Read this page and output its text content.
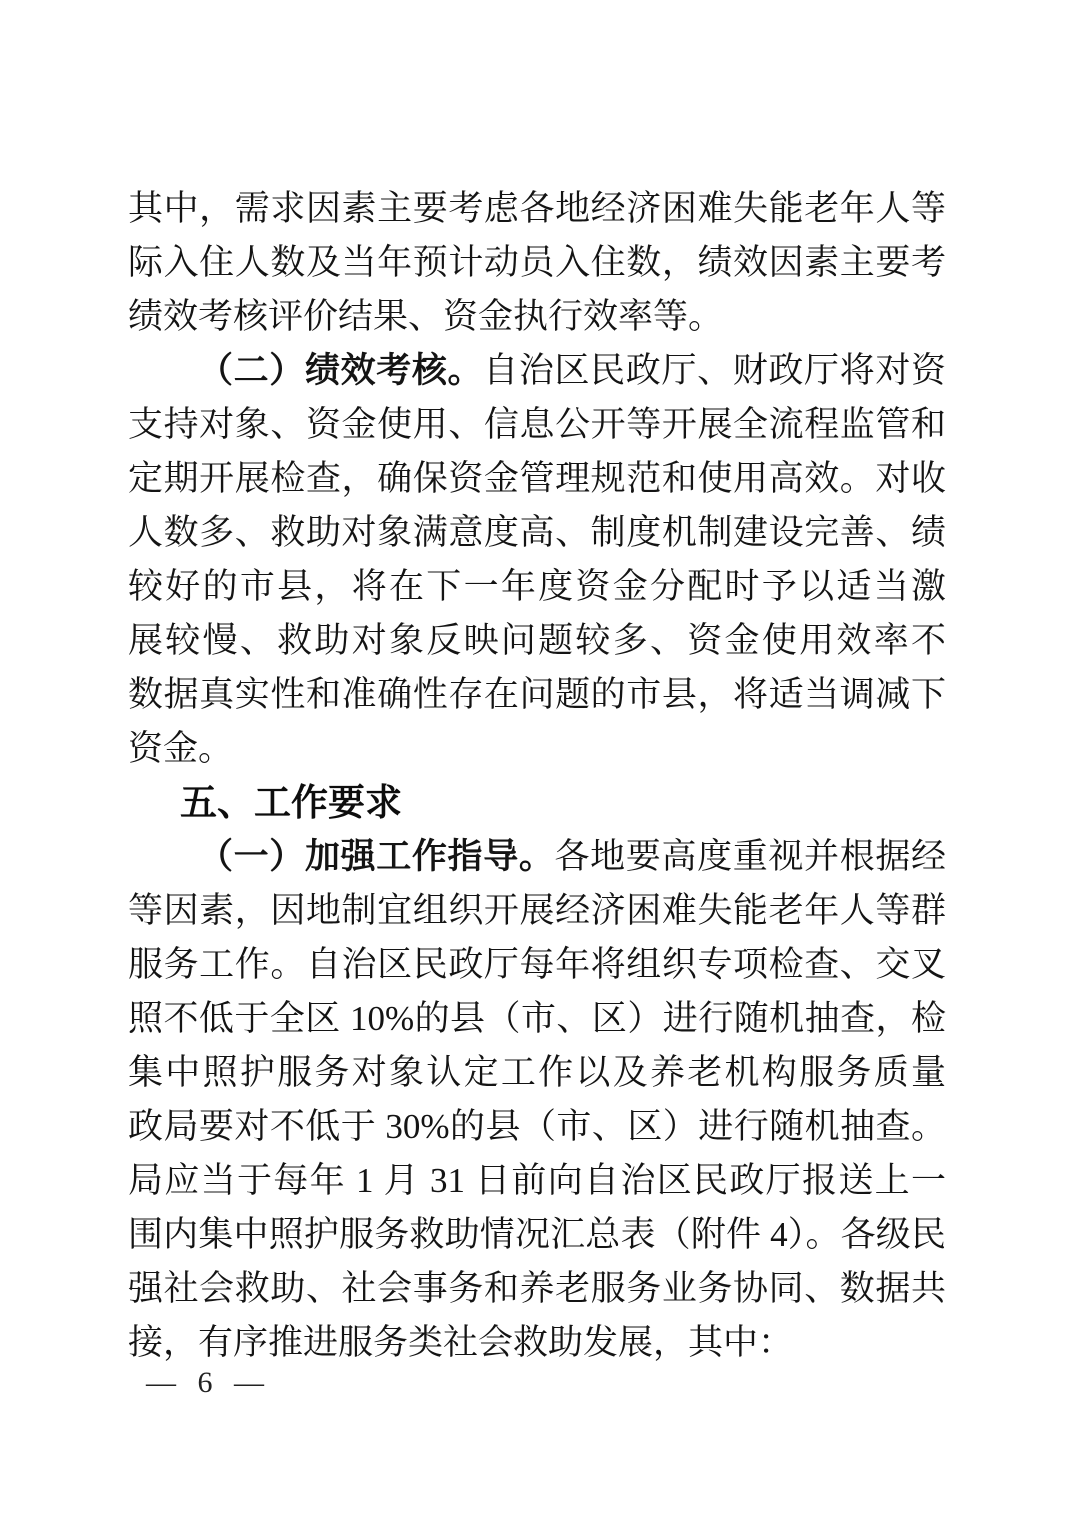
其中，需求因素主要考虑各地经济困难失能老年人等
际入住人数及当年预计动员入住数，绩效因素主要考
绩效考核评价结果、资金执行效率等。
（二）绩效考核。自治区民政厅、财政厅将对资
支持对象、资金使用、信息公开等开展全流程监管和
定期开展检查，确保资金管理规范和使用高效。对收
人数多、救助对象满意度高、制度机制建设完善、绩
较好的市县，将在下一年度资金分配时予以适当激
展较慢、救助对象反映问题较多、资金使用效率不
数据真实性和准确性存在问题的市县，将适当调减下
资金。
五、工作要求
（一）加强工作指导。各地要高度重视并根据经
等因素，因地制宜组织开展经济困难失能老年人等群
服务工作。自治区民政厅每年将组织专项检查、交叉
照不低于全区 10%的县（市、区）进行随机抽查，检
集中照护服务对象认定工作以及养老机构服务质量
政局要对不低于 30%的县（市、区）进行随机抽查。
局应当于每年 1 月 31 日前向自治区民政厅报送上一
围内集中照护服务救助情况汇总表（附件 4）。各级民
强社会救助、社会事务和养老服务业务协同、数据共
接，有序推进服务类社会救助发展，其中：
— 6 —
